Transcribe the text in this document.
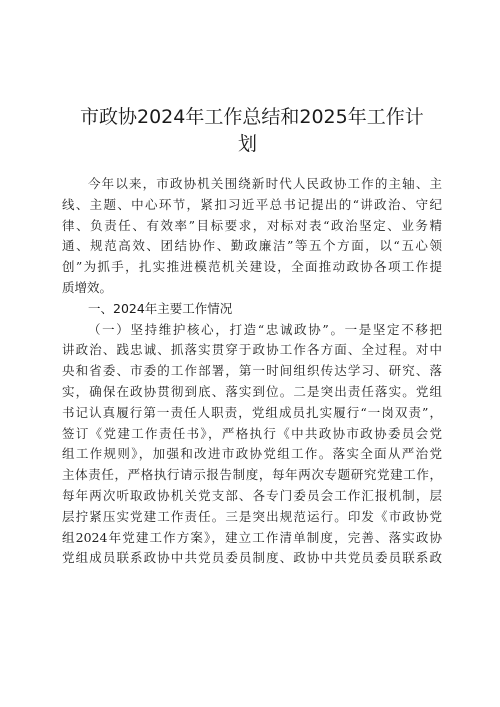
市政协2024年工作总结和2025年工作计
划
今年以来，市政协机关围绕新时代人民政协工作的主轴、主
线、主题、中心环节，紧扣习近平总书记提出的“讲政治、守纪
律、负责任、有效率”目标要求，对标对表“政治坚定、业务精
通、规范高效、团结协作、勤政廉洁”等五个方面，以“五心领
创”为抓手，扎实推进模范机关建设，全面推动政协各项工作提
质增效。
一、2024年主要工作情况
（一）坚持维护核心，打造“忠诚政协”。一是坚定不移把
讲政治、践忠诚、抓落实贯穿于政协工作各方面、全过程。对中
央和省委、市委的工作部署，第一时间组织传达学习、研究、落
实，确保在政协贯彻到底、落实到位。二是突出责任落实。党组
书记认真履行第一责任人职责，党组成员扎实履行“一岗双责”，
签订《党建工作责任书》，严格执行《中共政协市政协委员会党
组工作规则》，加强和改进市政协党组工作。落实全面从严治党
主体责任，严格执行请示报告制度，每年两次专题研究党建工作，
每年两次听取政协机关党支部、各专门委员会工作汇报机制，层
层拧紧压实党建工作责任。三是突出规范运行。印发《市政协党
组2024年党建工作方案》，建立工作清单制度，完善、落实政协
党组成员联系政协中共党员委员制度、政协中共党员委员联系政
